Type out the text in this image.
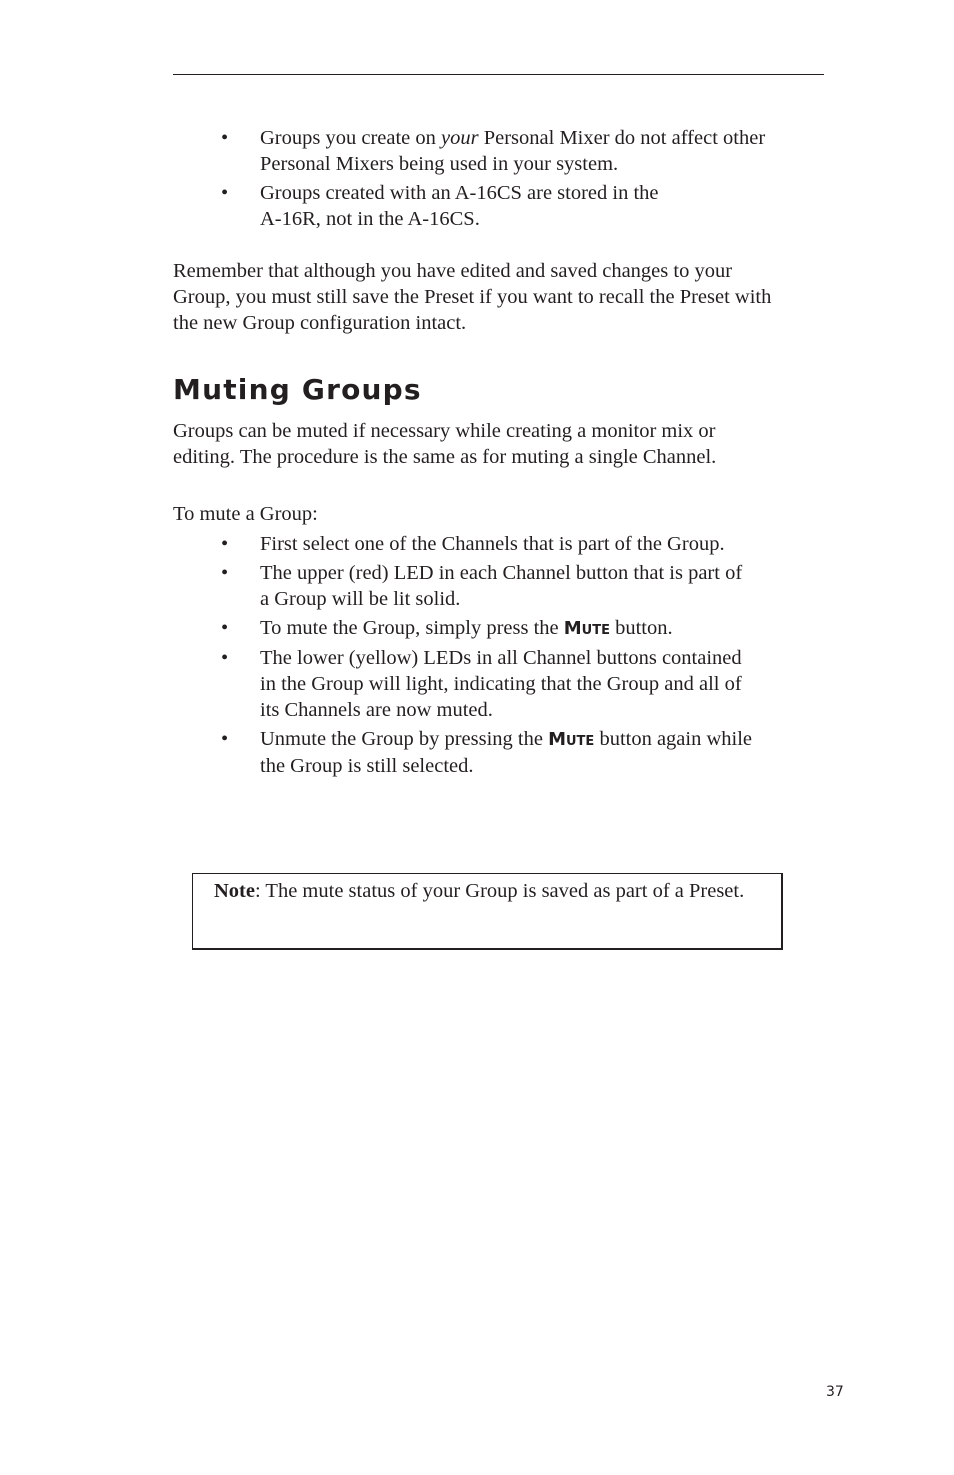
• Groups you create on your Personal Mixer do not affect other Personal Mixers being used in your system.
• Groups created with an A-16CS are stored in the
A-16R, not in the A-16CS.

Remember that although you have edited and saved changes to your Group, you must still save the Preset if you want to recall the Preset with the new Group configuration intact.

Muting Groups

Groups can be muted if necessary while creating a monitor mix or editing. The procedure is the same as for muting a single Channel.

To mute a Group:

• First select one of the Channels that is part of the Group.
• The upper (red) LED in each Channel button that is part of a Group will be lit solid.
• To mute the Group, simply press the Mute button.
• The lower (yellow) LEDs in all Channel buttons contained in the Group will light, indicating that the Group and all of its Channels are now muted.
• Unmute the Group by pressing the Mute button again while the Group is still selected.
Note: The mute status of your Group is saved as part of a Preset.
37
